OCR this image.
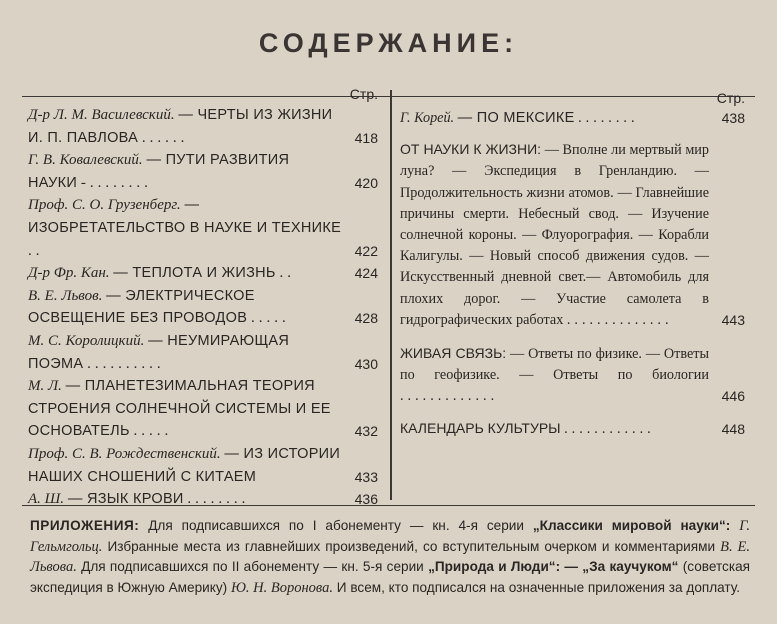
СОДЕРЖАНИЕ:
Стр.
Д-р Л. М. Василевский. — ЧЕРТЫ ИЗ ЖИЗНИ И. П. ПАВЛОВА ......	418
Г. В. Ковалевский. — ПУТИ РАЗВИТИЯ НАУКИ -........	420
Проф. С. О. Грузенберг. —ИЗОБРЕТАТЕЛЬСТВО В НАУКЕ И ТЕХНИКЕ ..	422
Д-р Фр. Кан. — ТЕПЛОТА И ЖИЗНЬ ..	424
В. Е. Львов. — ЭЛЕКТРИЧЕСКОЕ ОСВЕЩЕНИЕ БЕЗ ПРОВОДОВ .....	428
М. С. Королицкий. — НЕУМИРАЮЩАЯ ПОЭМА ..........	430
М. Л. — ПЛАНЕТЕЗИМАЛЬНАЯ ТЕОРИЯ СТРОЕНИЯ СОЛНЕЧНОЙ СИСТЕМЫ И ЕЕ ОСНОВАТЕЛЬ .....	432
Проф. С. В. Рождественский. — ИЗ ИСТОРИИ НАШИХ СНОШЕНИЙ С КИТАЕМ	433
А. Ш. — ЯЗЫК КРОВИ ........	436
Стр.
Г. Корей. — ПО МЕКСИКЕ ........	438
ОТ НАУКИ К ЖИЗНИ: — Вполне ли мертвый мир луна? — Экспедиция в Гренландию. — Продолжительность жизни атомов. — Главнейшие причины смерти. Небесный свод. — Изучение солнечной короны. — Флуорография. — Корабли Калигулы. — Новый способ движения судов. — Искусственный дневной свет.— Автомобиль для плохих дорог. — Участие самолета в гидрографических работах ..............	443
ЖИВАЯ СВЯЗЬ: — Ответы по физике. — Ответы по геофизике. — Ответы по биологии .............	446
КАЛЕНДАРЬ КУЛЬТУРЫ ............	448
ПРИЛОЖЕНИЯ: Для подписавшихся по I абонементу — кн. 4-я серии „Классики мировой науки“: Г. Гельмгольц. Избранные места из главнейших произведений, со вступительным очерком и комментариями В. Е. Львова. Для подписавшихся по II абонементу — кн. 5-я серии „Природа и Люди“: — „За каучуком“ (советская экспедиция в Южную Америку) Ю. Н. Воронова. И всем, кто подписался на означенные приложения за доплату.
